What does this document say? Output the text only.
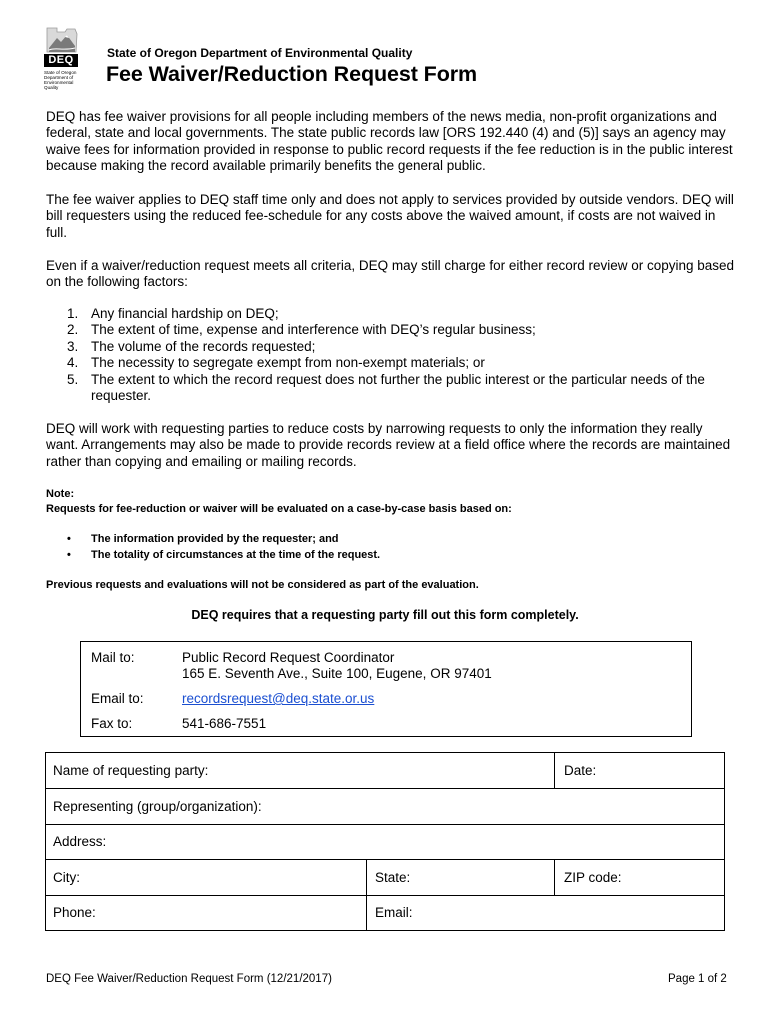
DEQ
State of Oregon
Department of
Environmental
Quality
State of Oregon Department of Environmental Quality
Fee Waiver/Reduction Request Form

DEQ has fee waiver provisions for all people including members of the news media, non-profit organizations and federal, state and local governments. The state public records law [ORS 192.440 (4) and (5)] says an agency may waive fees for information provided in response to public record requests if the fee reduction is in the public interest because making the record available primarily benefits the general public.

The fee waiver applies to DEQ staff time only and does not apply to services provided by outside vendors. DEQ will bill requesters using the reduced fee-schedule for any costs above the waived amount, if costs are not waived in full.

Even if a waiver/reduction request meets all criteria, DEQ may still charge for either record review or copying based on the following factors:

1. Any financial hardship on DEQ;
2. The extent of time, expense and interference with DEQ’s regular business;
3. The volume of the records requested;
4. The necessity to segregate exempt from non-exempt materials; or
5. The extent to which the record request does not further the public interest or the particular needs of the requester.

DEQ will work with requesting parties to reduce costs by narrowing requests to only the information they really want. Arrangements may also be made to provide records review at a field office where the records are maintained rather than copying and emailing or mailing records.

Note:
Requests for fee-reduction or waiver will be evaluated on a case-by-case basis based on:
• The information provided by the requester; and
• The totality of circumstances at the time of the request.
Previous requests and evaluations will not be considered as part of the evaluation.
DEQ requires that a requesting party fill out this form completely.
Mail to:	Public Record Request Coordinator
165 E. Seventh Ave., Suite 100, Eugene, OR 97401
Email to:	recordsrequest@deq.state.or.us
Fax to:	541-686-7551
Name of requesting party:	Date:
Representing (group/organization):
Address:
City:	State:	ZIP code:
Phone:	Email:
DEQ Fee Waiver/Reduction Request Form (12/21/2017)	Page 1 of 2
